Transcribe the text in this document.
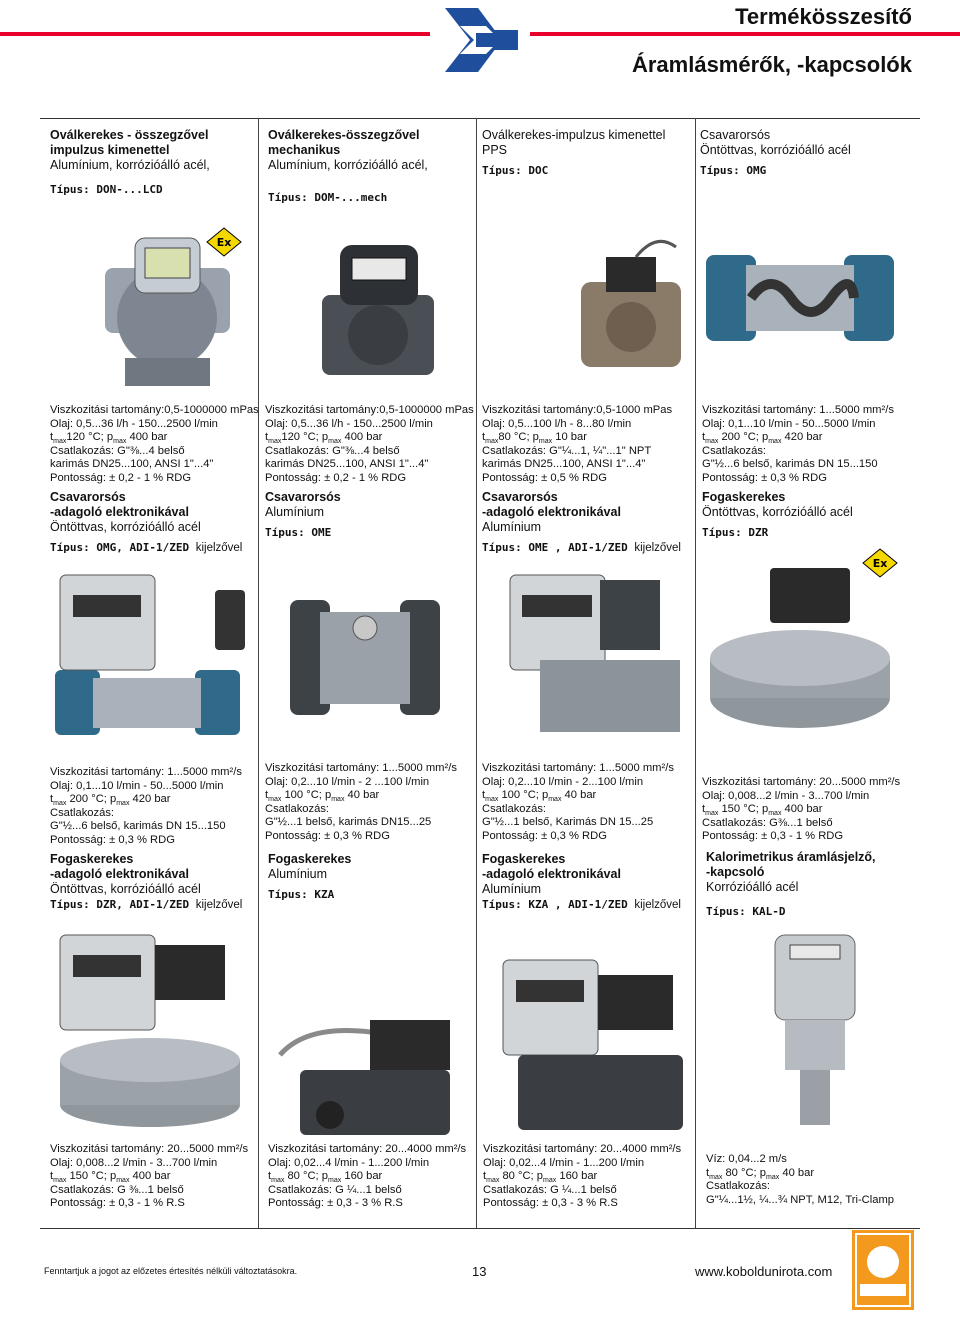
Termékösszesítő
Áramlásmérők, -kapcsolók
Oválkerekes - összegzővel
impulzus kimenettel
Alumínium, korrózióálló acél,
Típus: DON-...LCD
Oválkerekes-összegzővel
mechanikus
Alumínium, korrózióálló acél,
Típus: DOM-...mech
Oválkerekes-impulzus kimenettel
PPS
Típus: DOC
Csavarorsós
Öntöttvas, korrózióálló acél
Típus: OMG
Ex
Viszkozitási tartomány:0,5-1000000 mPas
Olaj: 0,5...36 l/h - 150...2500 l/min
$t_{max}120$ °C; $p_{max}$ 400 bar
Csatlakozás: G"⅜...4 belső
karimás DN25...100, ANSI 1"...4"
Pontosság: ± 0,2 - 1 % RDG
Viszkozitási tartomány:0,5-1000000 mPas
Olaj: 0,5...36 l/h - 150...2500 l/min
$t_{max}120$ °C; $p_{max}$ 400 bar
Csatlakozás: G"⅜...4 belső
karimás DN25...100, ANSI 1"...4"
Pontosság: ± 0,2 - 1 % RDG
Viszkozitási tartomány:0,5-1000 mPas
Olaj: 0,5...100 l/h - 8...80 l/min
$t_{max}80$ °C; $p_{max}$ 10 bar
Csatlakozás: G"¼...1, ¼"...1" NPT
karimás DN25...100, ANSI 1"...4"
Pontosság: ± 0,5 % RDG
Viszkozitási tartomány: 1...5000 mm²/s
Olaj: 0,1...10 l/min - 50...5000 l/min
$t_{max}$ 200 °C; $p_{max}$ 420 bar
Csatlakozás:
G"½...6 belső, karimás DN 15...150
Pontosság: ± 0,3 % RDG
Csavarorsós
-adagoló elektronikával
Öntöttvas, korrózióálló acél
Típus: OMG, ADI-1/ZED kijelzővel
Csavarorsós
Alumínium
Típus: OME
Csavarorsós
-adagoló elektronikával
Alumínium
Típus: OME , ADI-1/ZED kijelzővel
Fogaskerekes
Öntöttvas, korrózióálló acél
Típus: DZR
Ex
Viszkozitási tartomány: 1...5000 mm²/s
Olaj: 0,1...10 l/min - 50...5000 l/min
$t_{max}$ 200 °C; $p_{max}$ 420 bar
Csatlakozás:
G"½...6 belső, karimás DN 15...150
Pontosság: ± 0,3 % RDG
Viszkozitási tartomány: 1...5000 mm²/s
Olaj: 0,2...10 l/min - 2 ...100 l/min
$t_{max}$ 100 °C; $p_{max}$ 40 bar
Csatlakozás:
G"½...1 belső, karimás DN15...25
Pontosság: ± 0,3 % RDG
Viszkozitási tartomány: 1...5000 mm²/s
Olaj: 0,2...10 l/min - 2...100 l/min
$t_{max}$ 100 °C; $p_{max}$ 40 bar
Csatlakozás:
G"½...1 belső, Karimás DN 15...25
Pontosság: ± 0,3 % RDG
Viszkozitási tartomány: 20...5000 mm²/s
Olaj: 0,008...2 l/min - 3...700 l/min
$t_{max}$ 150 °C; $p_{max}$ 400 bar
Csatlakozás: G⅜...1 belső
Pontosság: ± 0,3 - 1 % RDG
Fogaskerekes
-adagoló elektronikával
Öntöttvas, korrózióálló acél
Típus: DZR, ADI-1/ZED kijelzővel
Fogaskerekes
Alumínium
Típus: KZA
Fogaskerekes
-adagoló elektronikával
Alumínium
Típus: KZA , ADI-1/ZED kijelzővel
Kalorimetrikus áramlásjelző,
-kapcsoló
Korrózióálló acél
Típus: KAL-D
Viszkozitási tartomány: 20...5000 mm²/s
Olaj: 0,008...2 l/min - 3...700 l/min
$t_{max}$ 150 °C; $p_{max}$ 400 bar
Csatlakozás: G ⅜...1 belső
Pontosság: ± 0,3 - 1 % R.S
Viszkozitási tartomány: 20...4000 mm²/s
Olaj: 0,02...4 l/min - 1...200 l/min
$t_{max}$ 80 °C; $p_{max}$ 160 bar
Csatlakozás: G ¼...1 belső
Pontosság: ± 0,3 - 3 % R.S
Viszkozitási tartomány: 20...4000 mm²/s
Olaj: 0,02...4 l/min - 1...200 l/min
$t_{max}$ 80 °C; $p_{max}$ 160 bar
Csatlakozás: G ¼...1 belső
Pontosság: ± 0,3 - 3 % R.S
Víz: 0,04...2 m/s
$t_{max}$ 80 °C; $p_{max}$ 40 bar
Csatlakozás:
G"¼...1½, ¼...¾ NPT, M12, Tri-Clamp
Fenntartjuk a jogot az előzetes értesítés nélküli változtatásokra.	13	www.koboldunirota.com
